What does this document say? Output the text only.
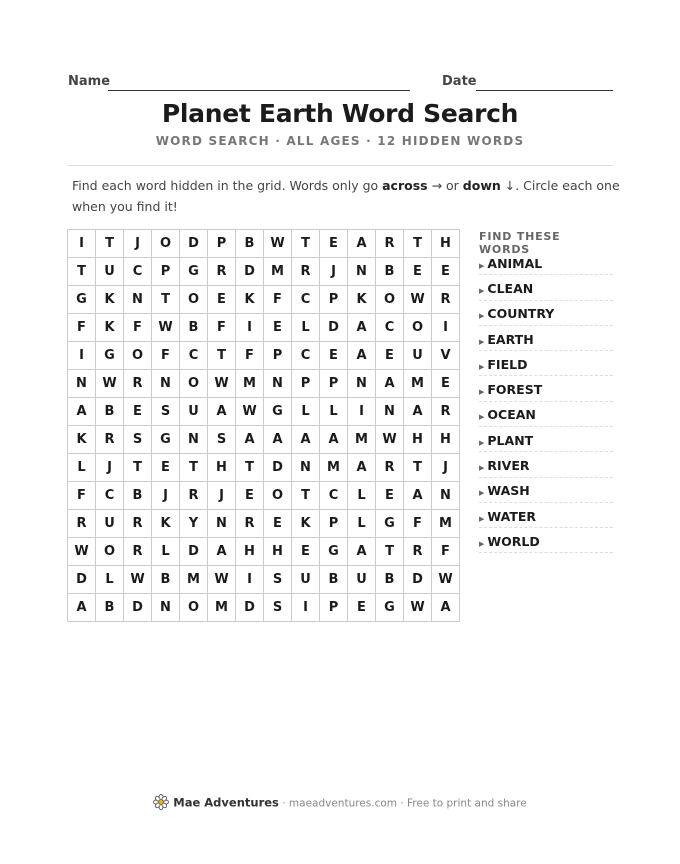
Name	Date
Planet Earth Word Search
WORD SEARCH · ALL AGES · 12 HIDDEN WORDS
Find each word hidden in the grid. Words only go across → or down ↓. Circle each one when you find it!
I	T	J	O	D	P	B	W	T	E	A	R	T	H
T	U	C	P	G	R	D	M	R	J	N	B	E	E
G	K	N	T	O	E	K	F	C	P	K	O	W	R
F	K	F	W	B	F	I	E	L	D	A	C	O	I
I	G	O	F	C	T	F	P	C	E	A	E	U	V
N	W	R	N	O	W	M	N	P	P	N	A	M	E
A	B	E	S	U	A	W	G	L	L	I	N	A	R
K	R	S	G	N	S	A	A	A	A	M	W	H	H
L	J	T	E	T	H	T	D	N	M	A	R	T	J
F	C	B	J	R	J	E	O	T	C	L	E	A	N
R	U	R	K	Y	N	R	E	K	P	L	G	F	M
W	O	R	L	D	A	H	H	E	G	A	T	R	F
D	L	W	B	M	W	I	S	U	B	U	B	D	W
A	B	D	N	O	M	D	S	I	P	E	G	W	A
FIND THESE WORDS
▶ ANIMAL
▶ CLEAN
▶ COUNTRY
▶ EARTH
▶ FIELD
▶ FOREST
▶ OCEAN
▶ PLANT
▶ RIVER
▶ WASH
▶ WATER
▶ WORLD
Mae Adventures · maeadventures.com · Free to print and share
